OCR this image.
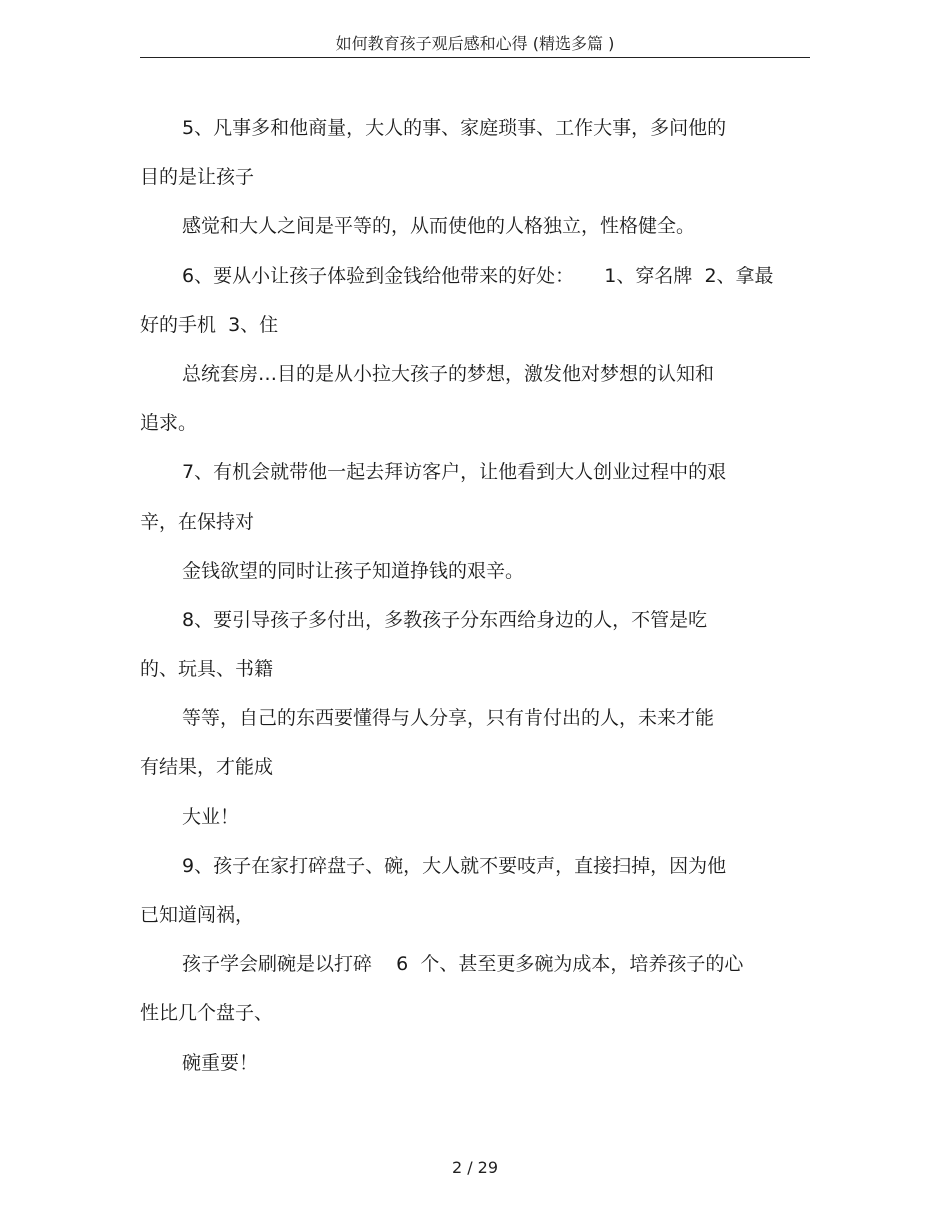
如何教育孩子观后感和心得 (精选多篇 )
5、凡事多和他商量，大人的事、家庭琐事、工作大事，多问他的
目的是让孩子
感觉和大人之间是平等的，从而使他的人格独立，性格健全。
6、要从小让孩子体验到金钱给他带来的好处：     1、穿名牌  2、拿最
好的手机  3、住
总统套房…目的是从小拉大孩子的梦想，激发他对梦想的认知和
追求。
7、有机会就带他一起去拜访客户，让他看到大人创业过程中的艰
辛，在保持对
金钱欲望的同时让孩子知道挣钱的艰辛。
8、要引导孩子多付出，多教孩子分东西给身边的人，不管是吃
的、玩具、书籍
等等，自己的东西要懂得与人分享，只有肯付出的人，未来才能
有结果，才能成
大业！
9、孩子在家打碎盘子、碗，大人就不要吱声，直接扫掉，因为他
已知道闯祸，
孩子学会刷碗是以打碎    6  个、甚至更多碗为成本，培养孩子的心
性比几个盘子、
碗重要！
2 / 29
